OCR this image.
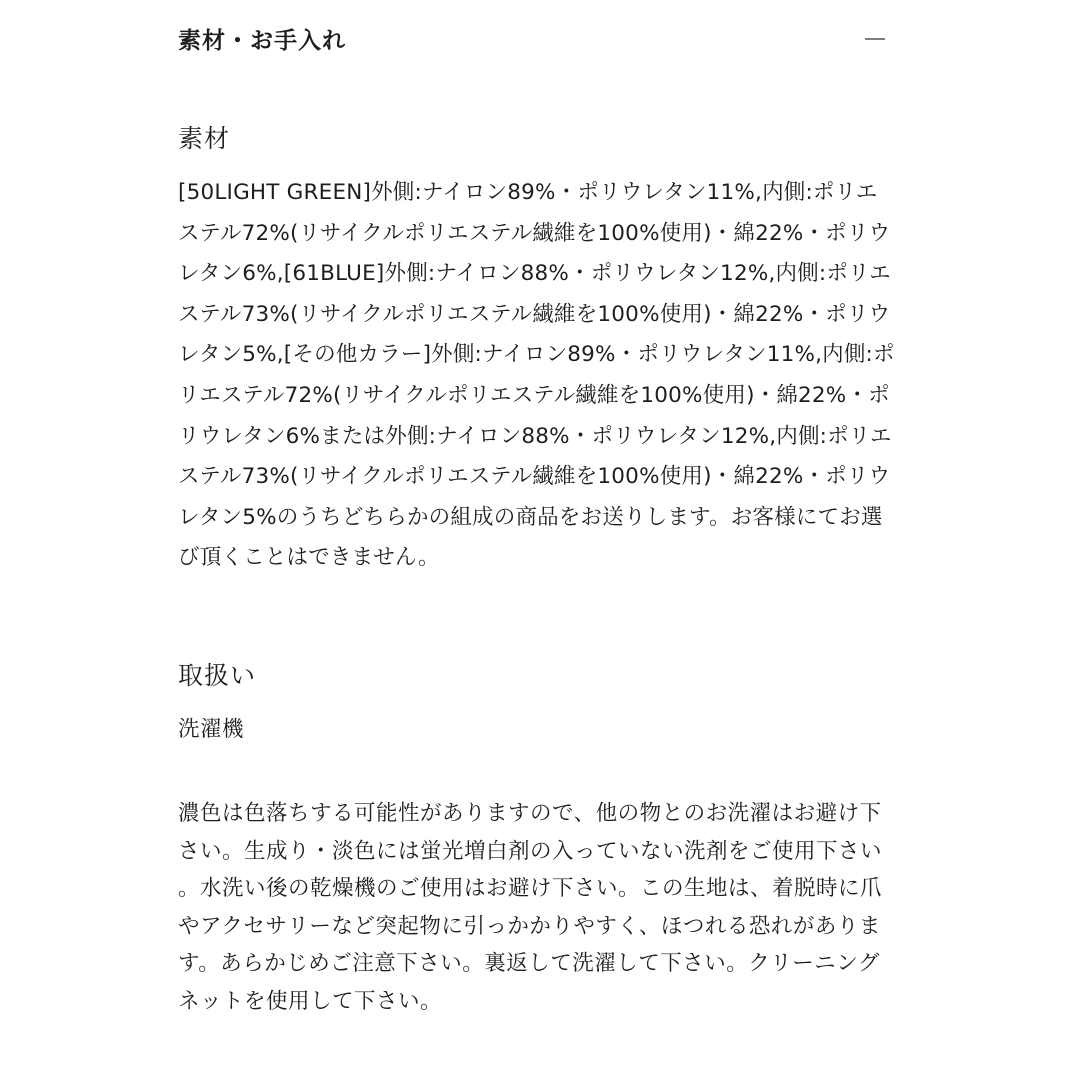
素材・お手入れ
素材

[50LIGHT GREEN]外側:ナイロン89%・ポリウレタン11%,内側:ポリエステル72%(リサイクルポリエステル繊維を100%使用)・綿22%・ポリウレタン6%,[61BLUE]外側:ナイロン88%・ポリウレタン12%,内側:ポリエステル73%(リサイクルポリエステル繊維を100%使用)・綿22%・ポリウレタン5%,[その他カラー]外側:ナイロン89%・ポリウレタン11%,内側:ポリエステル72%(リサイクルポリエステル繊維を100%使用)・綿22%・ポリウレタン6%または外側:ナイロン88%・ポリウレタン12%,内側:ポリエステル73%(リサイクルポリエステル繊維を100%使用)・綿22%・ポリウレタン5%のうちどちらかの組成の商品をお送りします。お客様にてお選び頂くことはできません。

取扱い
洗濯機

濃色は色落ちする可能性がありますので、他の物とのお洗濯はお避け下さい。生成り・淡色には蛍光増白剤の入っていない洗剤をご使用下さい。水洗い後の乾燥機のご使用はお避け下さい。この生地は、着脱時に爪やアクセサリーなど突起物に引っかかりやすく、ほつれる恐れがあります。あらかじめご注意下さい。裏返して洗濯して下さい。クリーニングネットを使用して下さい。
